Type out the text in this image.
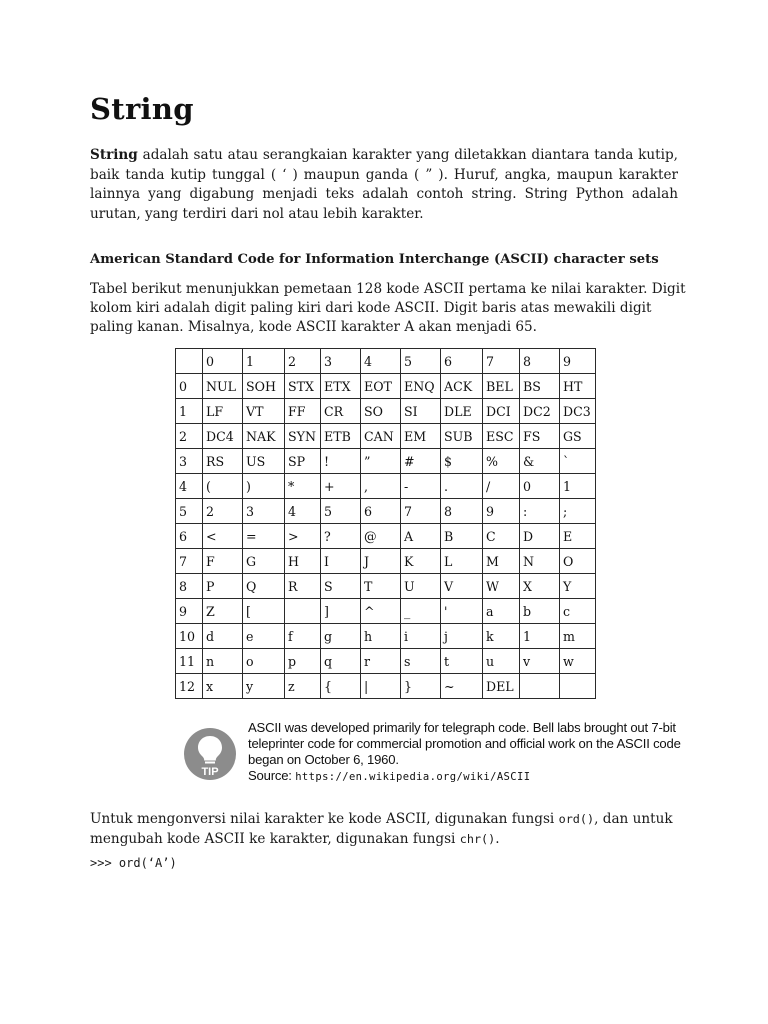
String

String adalah satu atau serangkaian karakter yang diletakkan diantara tanda kutip, baik tanda kutip tunggal ( ‘ ) maupun ganda ( ” ). Huruf, angka, maupun karakter lainnya yang digabung menjadi teks adalah contoh string. String Python adalah urutan, yang terdiri dari nol atau lebih karakter.

American Standard Code for Information Interchange (ASCII) character sets

Tabel berikut menunjukkan pemetaan 128 kode ASCII pertama ke nilai karakter. Digit kolom kiri adalah digit paling kiri dari kode ASCII. Digit baris atas mewakili digit paling kanan. Misalnya, kode ASCII karakter A akan menjadi 65.

	0	1	2	3	4	5	6	7	8	9
0	NUL	SOH	STX	ETX	EOT	ENQ	ACK	BEL	BS	HT
1	LF	VT	FF	CR	SO	SI	DLE	DCI	DC2	DC3
2	DC4	NAK	SYN	ETB	CAN	EM	SUB	ESC	FS	GS
3	RS	US	SP	!	”	#	$	%	&	`
4	(	)	*	+	,	-	.	/	0	1
5	2	3	4	5	6	7	8	9	:	;
6	<	=	>	?	@	A	B	C	D	E
7	F	G	H	I	J	K	L	M	N	O
8	P	Q	R	S	T	U	V	W	X	Y
9	Z	[		]	^	_	'	a	b	c
10	d	e	f	g	h	i	j	k	1	m
11	n	o	p	q	r	s	t	u	v	w
12	x	y	z	{	|	}	~	DEL		
TIP
ASCII was developed primarily for telegraph code. Bell labs brought out 7-bit teleprinter code for commercial promotion and official work on the ASCII code began on October 6, 1960.
Source: https://en.wikipedia.org/wiki/ASCII

Untuk mengonversi nilai karakter ke kode ASCII, digunakan fungsi ord(), dan untuk mengubah kode ASCII ke karakter, digunakan fungsi chr().

>>> ord(‘A’)
